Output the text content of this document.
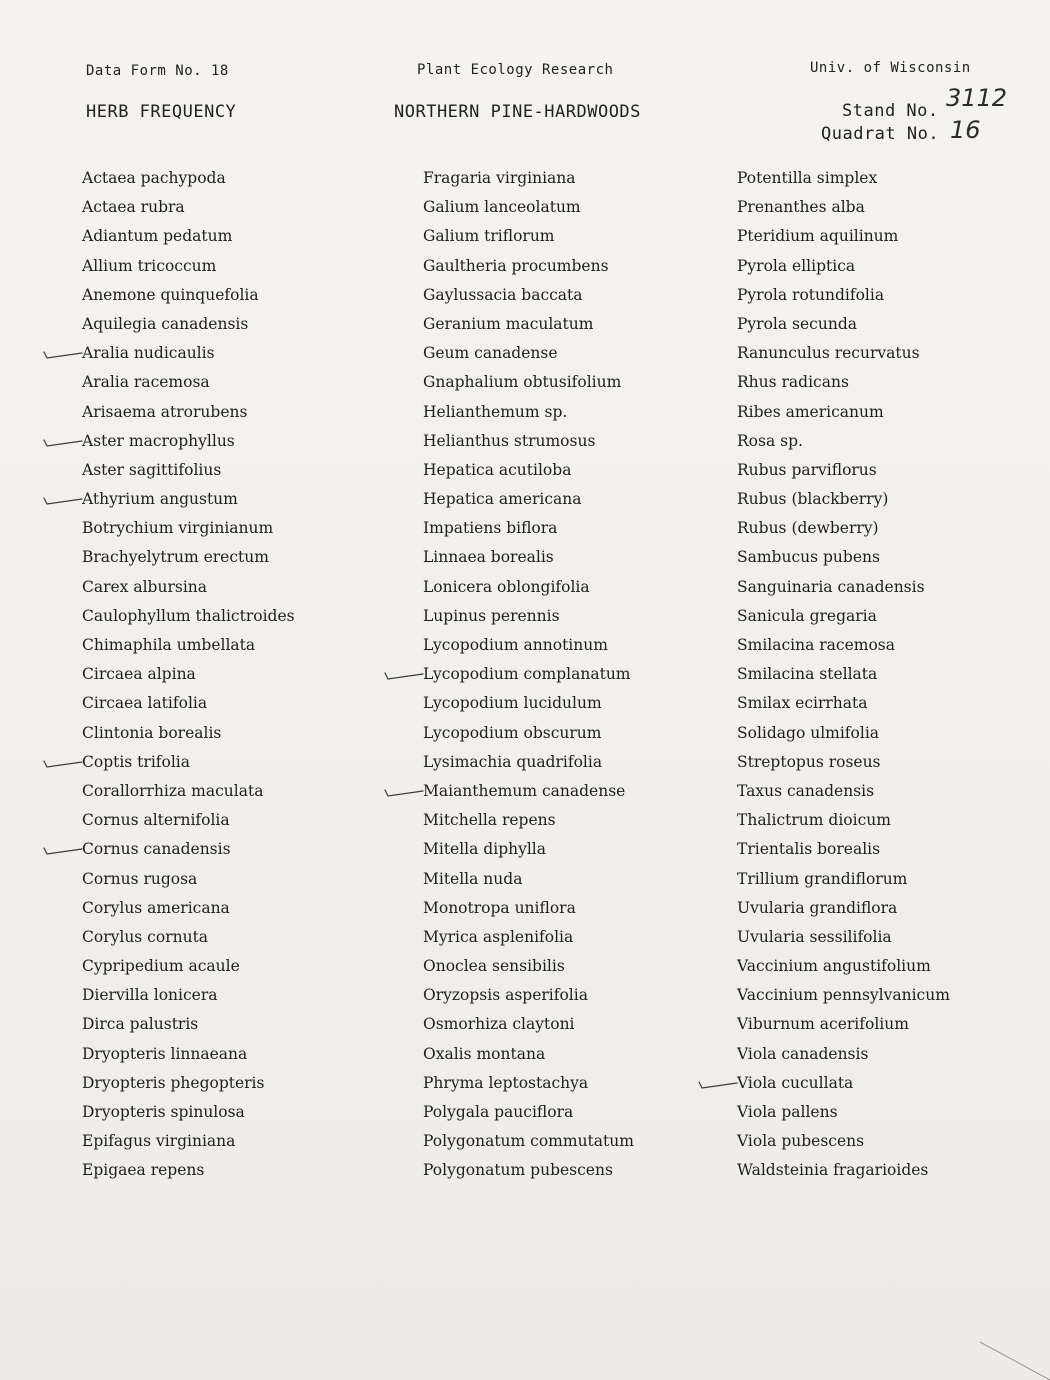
Data Form No. 18	Plant Ecology Research	Univ. of Wisconsin
HERB FREQUENCY	NORTHERN PINE-HARDWOODS	Stand No. 3112
Quadrat No. 16
Actaea pachypoda
Actaea rubra
Adiantum pedatum
Allium tricoccum
Anemone quinquefolia
Aquilegia canadensis
Aralia nudicaulis
Aralia racemosa
Arisaema atrorubens
Aster macrophyllus
Aster sagittifolius
Athyrium angustum
Botrychium virginianum
Brachyelytrum erectum
Carex albursina
Caulophyllum thalictroides
Chimaphila umbellata
Circaea alpina
Circaea latifolia
Clintonia borealis
Coptis trifolia
Corallorrhiza maculata
Cornus alternifolia
Cornus canadensis
Cornus rugosa
Corylus americana
Corylus cornuta
Cypripedium acaule
Diervilla lonicera
Dirca palustris
Dryopteris linnaeana
Dryopteris phegopteris
Dryopteris spinulosa
Epifagus virginiana
Epigaea repens
Fragaria virginiana
Galium lanceolatum
Galium triflorum
Gaultheria procumbens
Gaylussacia baccata
Geranium maculatum
Geum canadense
Gnaphalium obtusifolium
Helianthemum sp.
Helianthus strumosus
Hepatica acutiloba
Hepatica americana
Impatiens biflora
Linnaea borealis
Lonicera oblongifolia
Lupinus perennis
Lycopodium annotinum
Lycopodium complanatum
Lycopodium lucidulum
Lycopodium obscurum
Lysimachia quadrifolia
Maianthemum canadense
Mitchella repens
Mitella diphylla
Mitella nuda
Monotropa uniflora
Myrica asplenifolia
Onoclea sensibilis
Oryzopsis asperifolia
Osmorhiza claytoni
Oxalis montana
Phryma leptostachya
Polygala pauciflora
Polygonatum commutatum
Polygonatum pubescens
Potentilla simplex
Prenanthes alba
Pteridium aquilinum
Pyrola elliptica
Pyrola rotundifolia
Pyrola secunda
Ranunculus recurvatus
Rhus radicans
Ribes americanum
Rosa sp.
Rubus parviflorus
Rubus (blackberry)
Rubus (dewberry)
Sambucus pubens
Sanguinaria canadensis
Sanicula gregaria
Smilacina racemosa
Smilacina stellata
Smilax ecirrhata
Solidago ulmifolia
Streptopus roseus
Taxus canadensis
Thalictrum dioicum
Trientalis borealis
Trillium grandiflorum
Uvularia grandiflora
Uvularia sessilifolia
Vaccinium angustifolium
Vaccinium pennsylvanicum
Viburnum acerifolium
Viola canadensis
Viola cucullata
Viola pallens
Viola pubescens
Waldsteinia fragarioides
